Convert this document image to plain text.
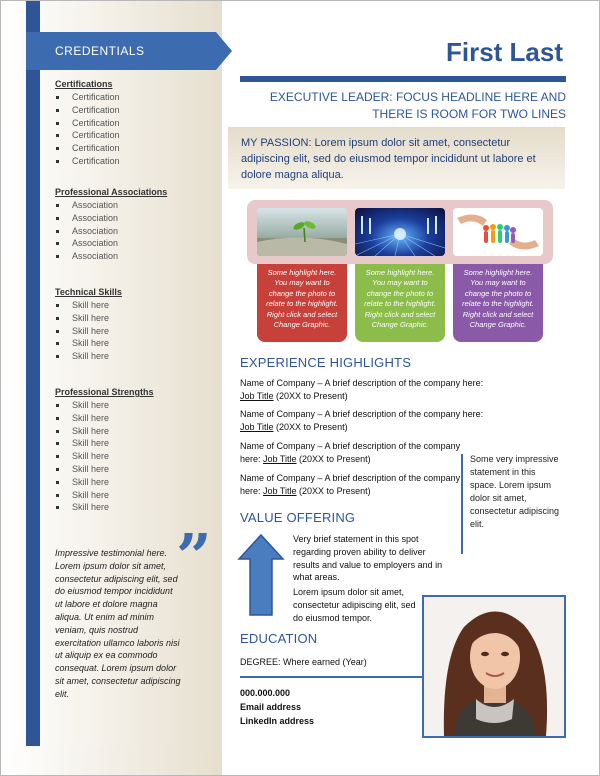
CREDENTIALS
Certifications
Certification
Certification
Certification
Certification
Certification
Certification
Professional Associations
Association
Association
Association
Association
Association
Technical Skills
Skill here
Skill here
Skill here
Skill here
Skill here
Professional Strengths
Skill here
Skill here
Skill here
Skill here
Skill here
Skill here
Skill here
Skill here
Skill here
”
Impressive testimonial here. Lorem ipsum dolor sit amet, consectetur adipiscing elit, sed do eiusmod tempor incididunt ut labore et dolore magna aliqua. Ut enim ad minim veniam, quis nostrud exercitation ullamco laboris nisi ut aliquip ex ea commodo consequat. Lorem ipsum dolor sit amet, consectetur adipiscing elit.
First Last
EXECUTIVE LEADER: FOCUS HEADLINE HERE AND THERE IS ROOM FOR TWO LINES
MY PASSION: Lorem ipsum dolor sit amet, consectetur adipiscing elit, sed do eiusmod tempor incididunt ut labore et dolore magna aliqua.
Some highlight here. You may want to change the photo to relate to the highlight. Right click and select Change Graphic.
Some highlight here. You may want to change the photo to relate to the highlight. Right click and select Change Graphic.
Some highlight here. You may want to change the photo to relate to the highlight. Right click and select Change Graphic.
EXPERIENCE HIGHLIGHTS
Name of Company – A brief description of the company here:
Job Title (20XX to Present)
Name of Company – A brief description of the company here:
Job Title (20XX to Present)
Name of Company – A brief description of the company here: Job Title (20XX to Present)
Name of Company – A brief description of the company here: Job Title (20XX to Present)
Some very impressive statement in this space. Lorem ipsum dolor sit amet, consectetur adipiscing elit.
VALUE OFFERING
Very brief statement in this spot regarding proven ability to deliver results and value to employers and in what areas.
Lorem ipsum dolor sit amet, consectetur adipiscing elit, sed do eiusmod tempor.
EDUCATION
DEGREE: Where earned (Year)
000.000.000
Email address
LinkedIn address
